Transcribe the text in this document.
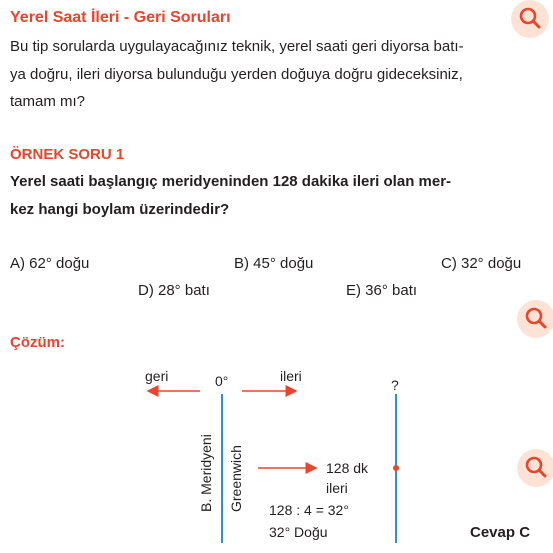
Yerel Saat İleri - Geri Soruları
Bu tip sorularda uygulayacağınız teknik, yerel saati geri diyorsa batı-
ya doğru, ileri diyorsa bulunduğu yerden doğuya doğru gideceksiniz,
tamam mı?
ÖRNEK SORU 1
Yerel saati başlangıç meridyeninden 128 dakika ileri olan mer-
kez hangi boylam üzerindedir?
A) 62° doğu	B) 45° doğu	C) 32° doğu
D) 28° batı	E) 36° batı
Çözüm:
geri	0°	ileri
?
B. Meridyeni Greenwich	128 dk
ileri
128 : 4 = 32°
32° Doğu	Cevap C
